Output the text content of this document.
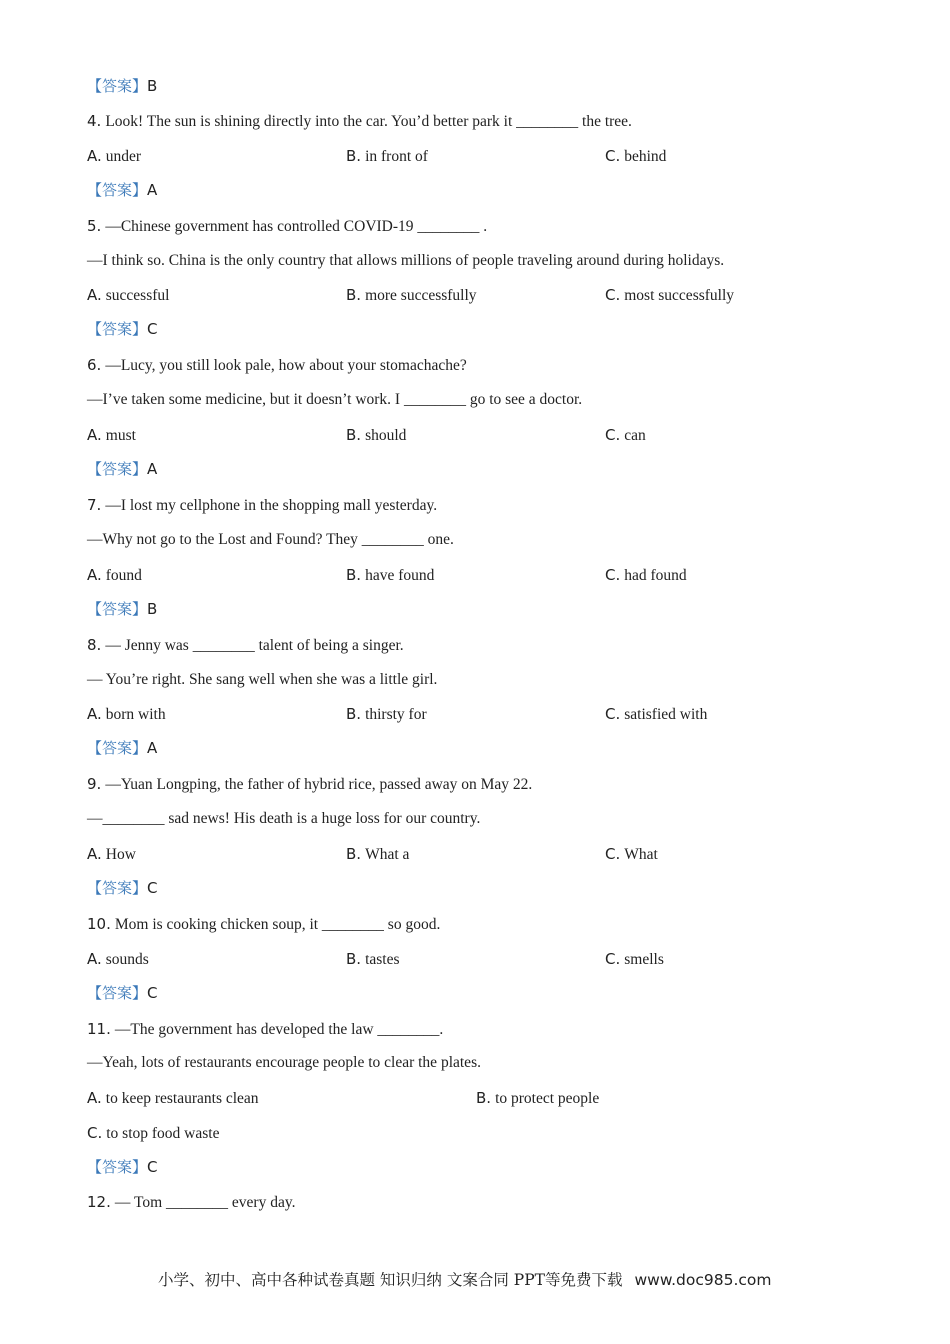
【答案】B
4. Look! The sun is shining directly into the car. You’d better park it ________ the tree.
A. under	B. in front of	C. behind
【答案】A
5. —Chinese government has controlled COVID-19 ________ .
—I think so. China is the only country that allows millions of people traveling around during holidays.
A. successful	B. more successfully	C. most successfully
【答案】C
6. —Lucy, you still look pale, how about your stomachache?
—I’ve taken some medicine, but it doesn’t work. I ________ go to see a doctor.
A. must	B. should	C. can
【答案】A
7. —I lost my cellphone in the shopping mall yesterday.
—Why not go to the Lost and Found? They ________ one.
A. found	B. have found	C. had found
【答案】B
8. — Jenny was ________ talent of being a singer.
— You’re right. She sang well when she was a little girl.
A. born with	B. thirsty for	C. satisfied with
【答案】A
9. —Yuan Longping, the father of hybrid rice, passed away on May 22.
—________ sad news! His death is a huge loss for our country.
A. How	B. What a	C. What
【答案】C
10. Mom is cooking chicken soup, it ________ so good.
A. sounds	B. tastes	C. smells
【答案】C
11. —The government has developed the law ________.
—Yeah, lots of restaurants encourage people to clear the plates.
A. to keep restaurants clean	B. to protect people
C. to stop food waste
【答案】C
12. — Tom ________ every day.
小学、初中、高中各种试卷真题 知识归纳 文案合同 PPT等免费下载 www.doc985.com
